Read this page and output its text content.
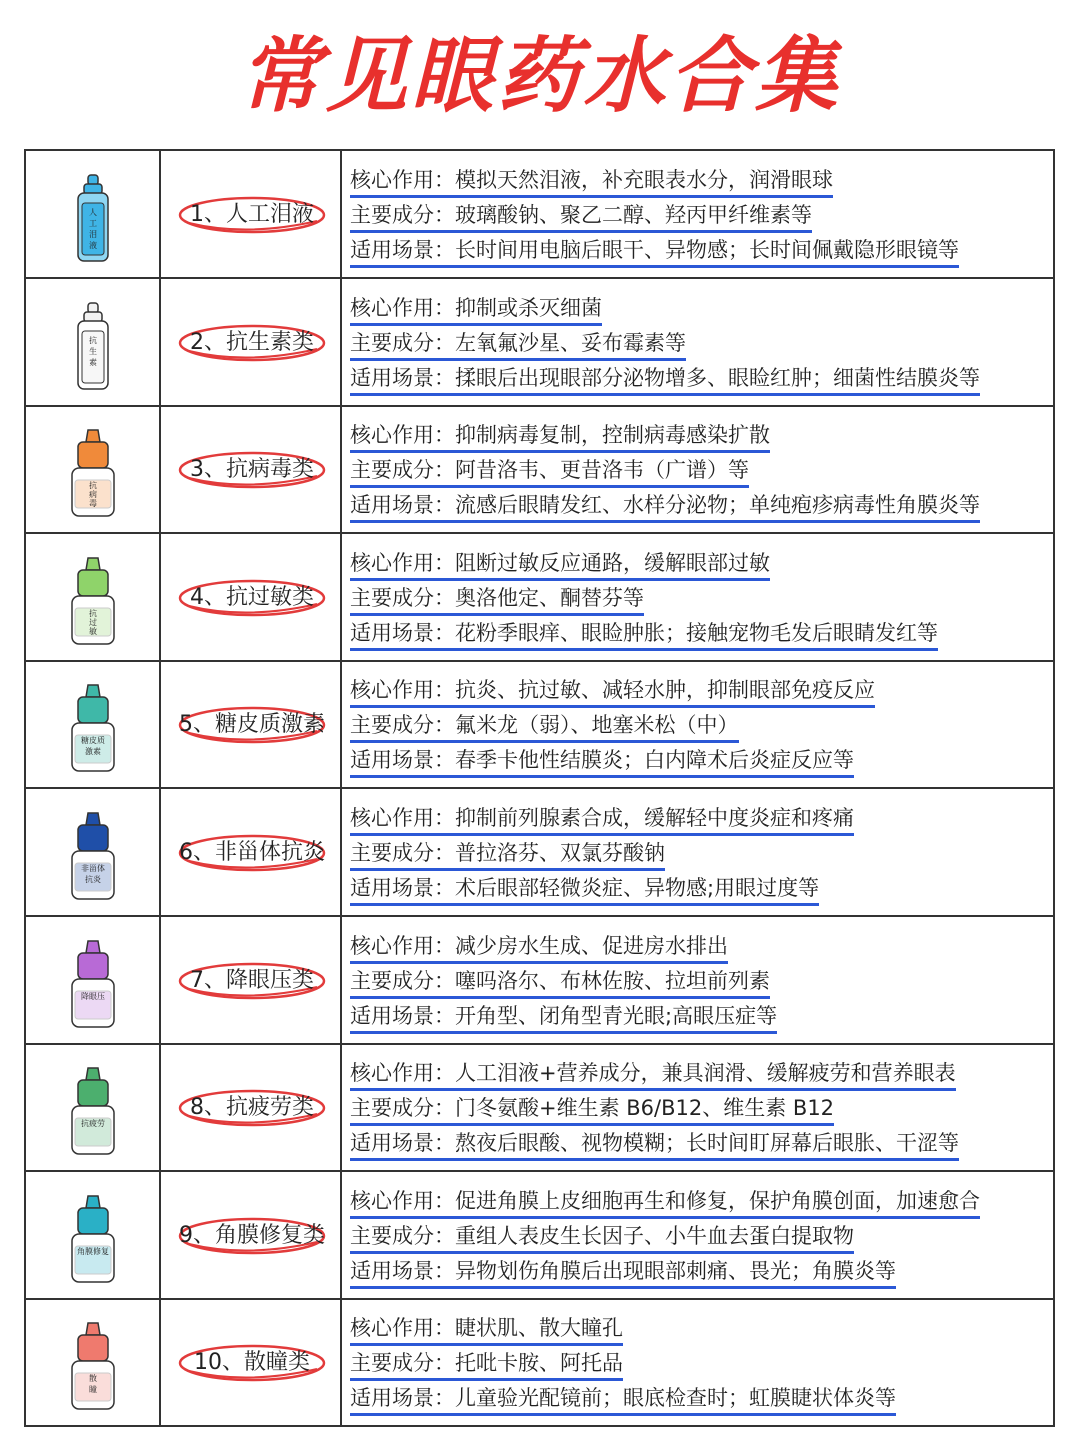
常见眼药水合集
人
工
泪
液
1、人工泪液
核心作用：模拟天然泪液，补充眼表水分，润滑眼球
主要成分：玻璃酸钠、聚乙二醇、羟丙甲纤维素等
适用场景：长时间用电脑后眼干、异物感；长时间佩戴隐形眼镜等
抗
生
素
2、抗生素类
核心作用：抑制或杀灭细菌
主要成分：左氧氟沙星、妥布霉素等
适用场景：揉眼后出现眼部分泌物增多、眼睑红肿；细菌性结膜炎等
抗
病
毒
3、抗病毒类
核心作用：抑制病毒复制，控制病毒感染扩散
主要成分：阿昔洛韦、更昔洛韦（广谱）等
适用场景：流感后眼睛发红、水样分泌物；单纯疱疹病毒性角膜炎等
抗
过
敏
4、抗过敏类
核心作用：阻断过敏反应通路，缓解眼部过敏
主要成分：奥洛他定、酮替芬等
适用场景：花粉季眼痒、眼睑肿胀；接触宠物毛发后眼睛发红等
糖皮质
激素
5、糖皮质激素
核心作用：抗炎、抗过敏、减轻水肿，抑制眼部免疫反应
主要成分：氟米龙（弱）、地塞米松（中）
适用场景：春季卡他性结膜炎；白内障术后炎症反应等
非甾体
抗炎
6、非甾体抗炎
核心作用：抑制前列腺素合成，缓解轻中度炎症和疼痛
主要成分：普拉洛芬、双氯芬酸钠
适用场景：术后眼部轻微炎症、异物感;用眼过度等
降眼压
7、降眼压类
核心作用：减少房水生成、促进房水排出
主要成分：噻吗洛尔、布林佐胺、拉坦前列素
适用场景：开角型、闭角型青光眼;高眼压症等
抗疲劳
8、抗疲劳类
核心作用：人工泪液+营养成分，兼具润滑、缓解疲劳和营养眼表
主要成分：门冬氨酸+维生素 B6/B12、维生素 B12
适用场景：熬夜后眼酸、视物模糊；长时间盯屏幕后眼胀、干涩等
角膜修复
9、角膜修复类
核心作用：促进角膜上皮细胞再生和修复，保护角膜创面，加速愈合
主要成分：重组人表皮生长因子、小牛血去蛋白提取物
适用场景：异物划伤角膜后出现眼部刺痛、畏光；角膜炎等
散
瞳
10、散瞳类
核心作用：睫状肌、散大瞳孔
主要成分：托吡卡胺、阿托品
适用场景：儿童验光配镜前；眼底检查时；虹膜睫状体炎等
